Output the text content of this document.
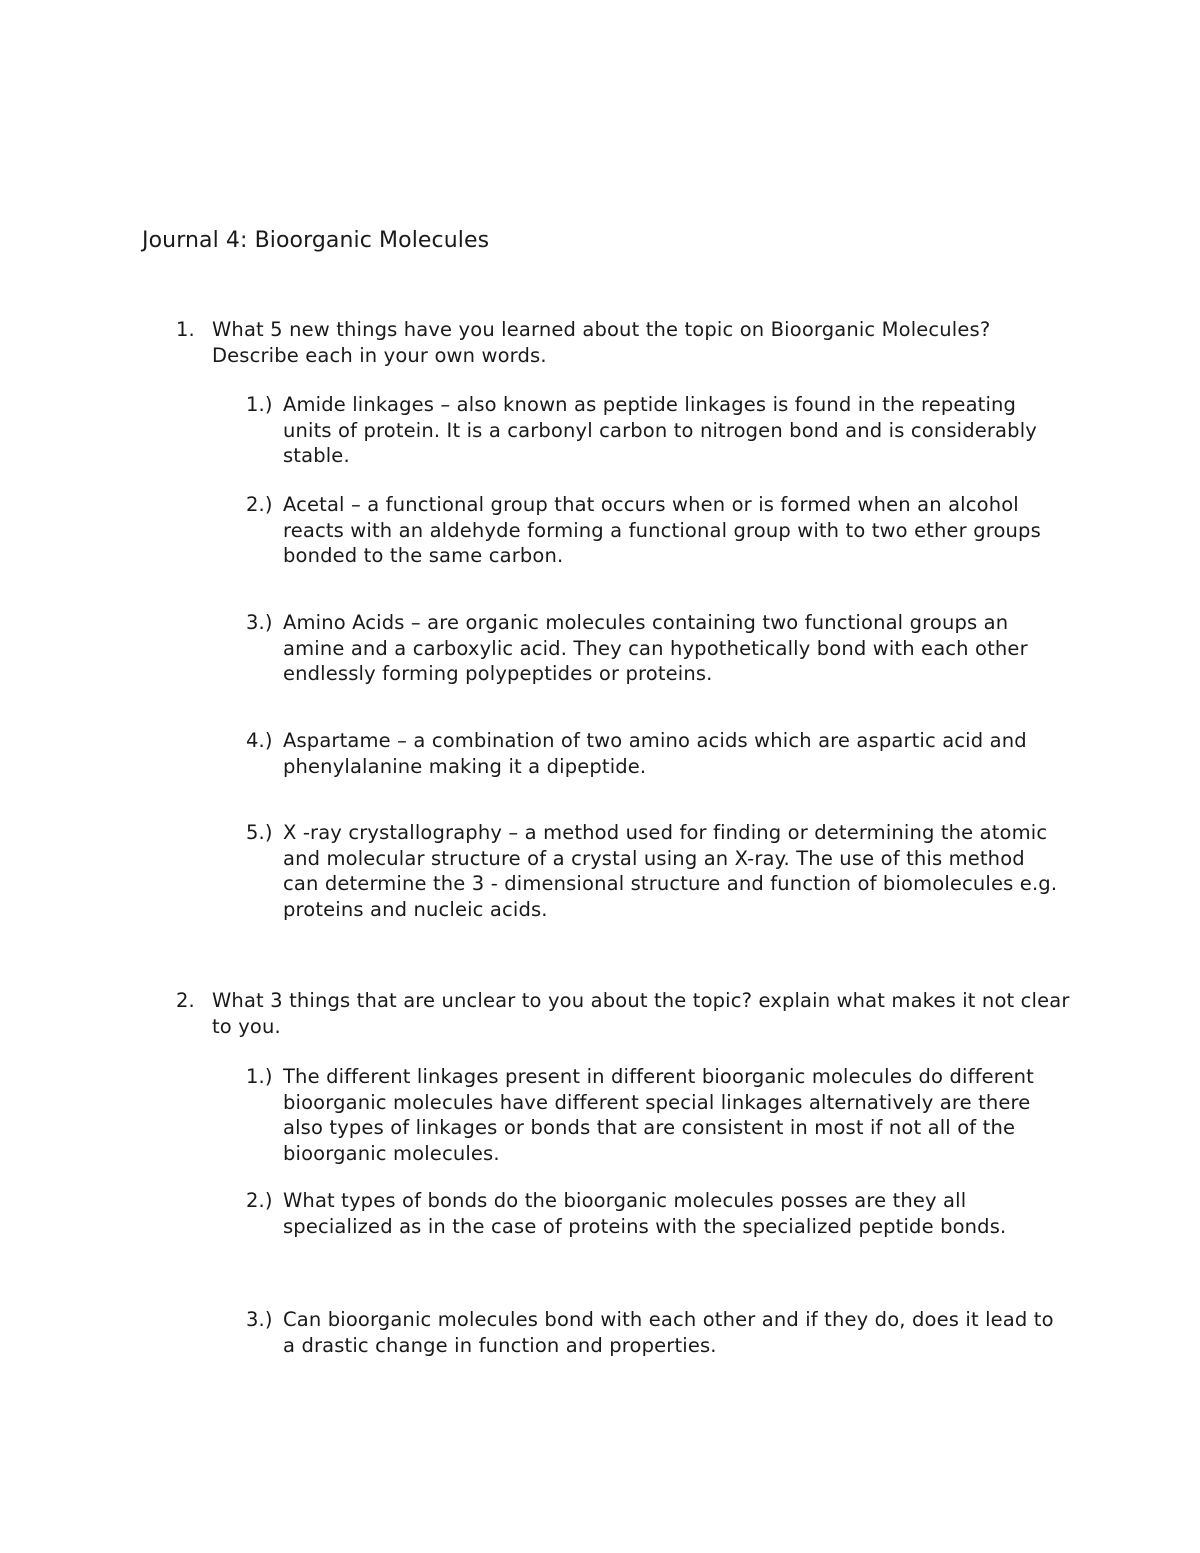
Journal 4: Bioorganic Molecules
1. What 5 new things have you learned about the topic on Bioorganic Molecules? Describe each in your own words.
1.) Amide linkages – also known as peptide linkages is found in the repeating units of protein. It is a carbonyl carbon to nitrogen bond and is considerably stable.
2.) Acetal – a functional group that occurs when or is formed when an alcohol reacts with an aldehyde forming a functional group with to two ether groups bonded to the same carbon.
3.) Amino Acids – are organic molecules containing two functional groups an amine and a carboxylic acid. They can hypothetically bond with each other endlessly forming polypeptides or proteins.
4.) Aspartame – a combination of two amino acids which are aspartic acid and phenylalanine making it a dipeptide.
5.) X -ray crystallography – a method used for finding or determining the atomic and molecular structure of a crystal using an X-ray. The use of this method can determine the 3 - dimensional structure and function of biomolecules e.g. proteins and nucleic acids.
2. What 3 things that are unclear to you about the topic? explain what makes it not clear to you.
1.) The different linkages present in different bioorganic molecules do different bioorganic molecules have different special linkages alternatively are there also types of linkages or bonds that are consistent in most if not all of the bioorganic molecules.
2.) What types of bonds do the bioorganic molecules posses are they all specialized as in the case of proteins with the specialized peptide bonds.
3.) Can bioorganic molecules bond with each other and if they do, does it lead to a drastic change in function and properties.
